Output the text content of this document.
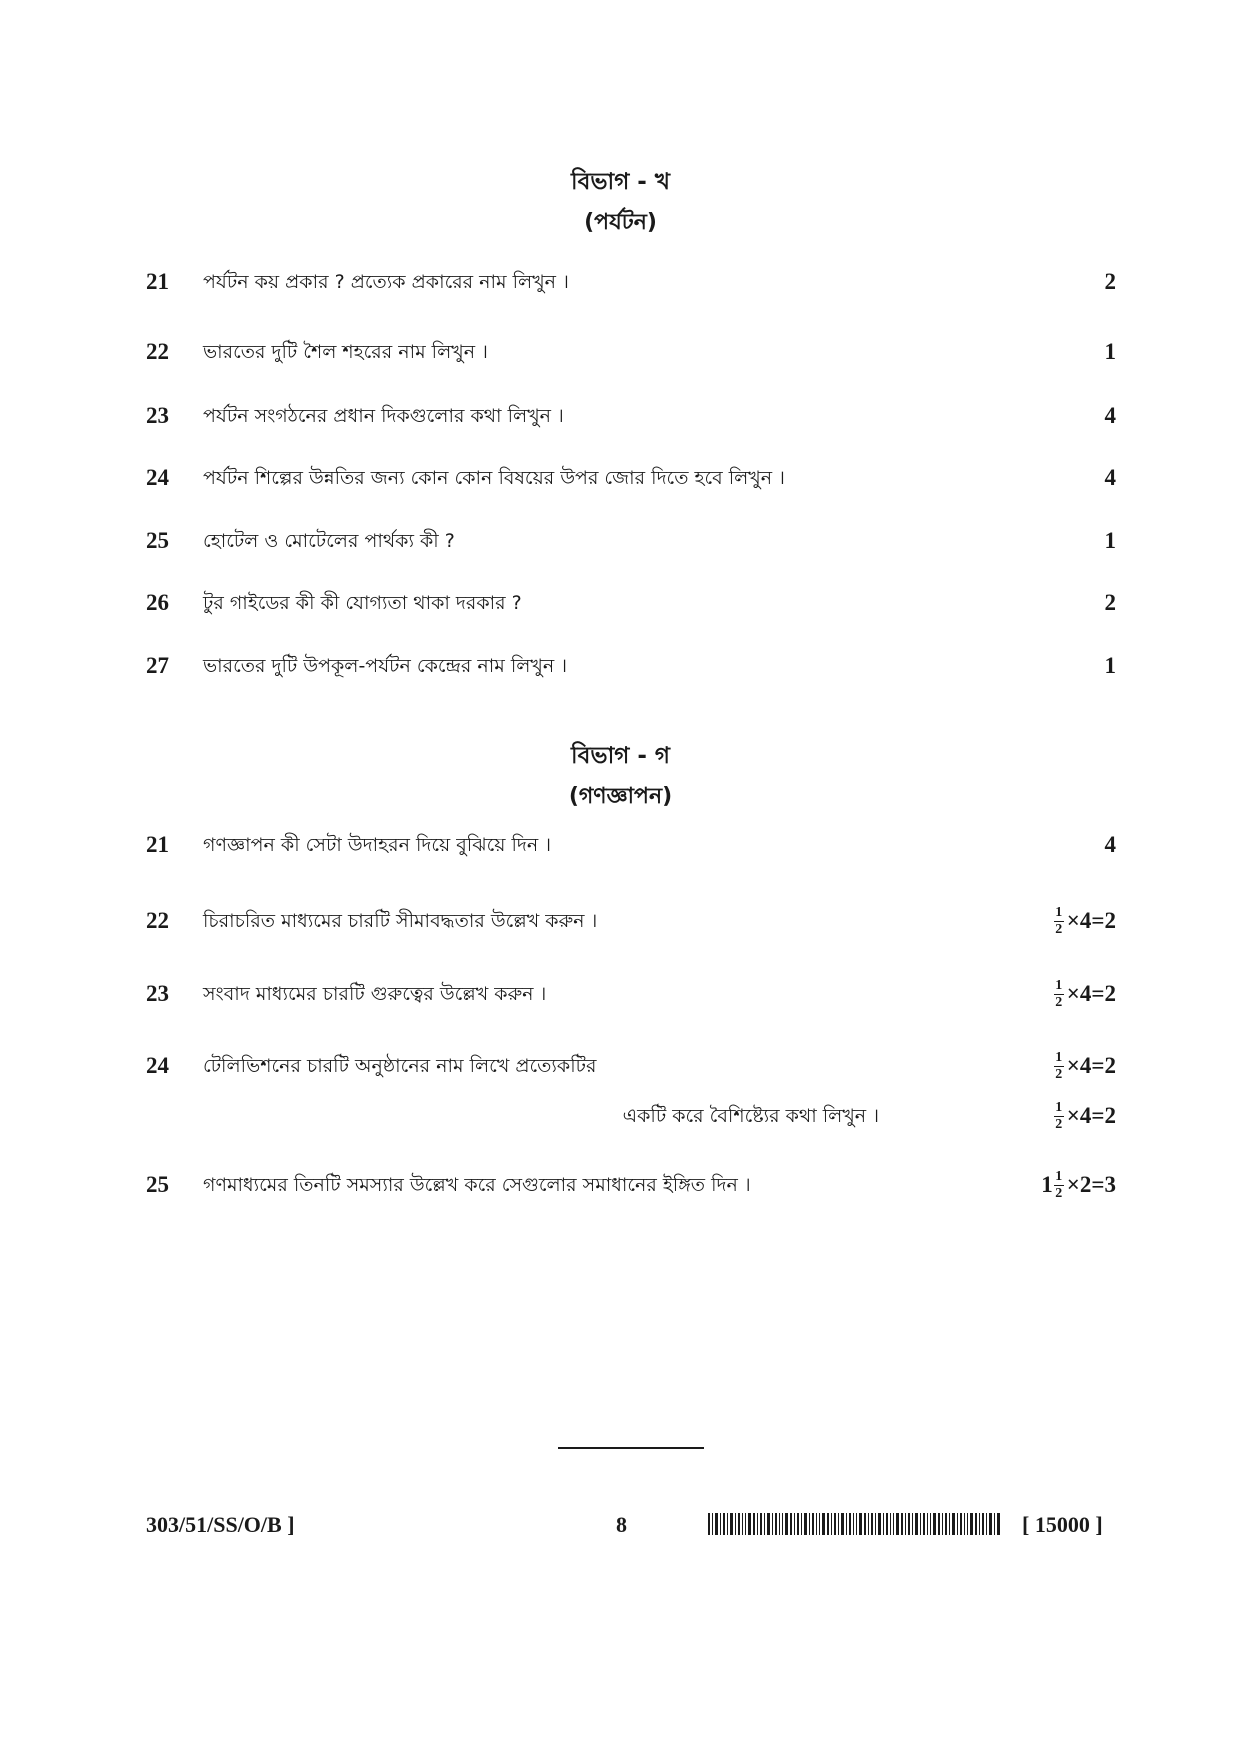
বিভাগ - খ
(পর্যটন)
21	পর্যটন কয় প্রকার ? প্রত্যেক প্রকারের নাম লিখুন ।	2
22	ভারতের দুটি শৈল শহরের নাম লিখুন ।	1
23	পর্যটন সংগঠনের প্রধান দিকগুলোর কথা লিখুন ।	4
24	পর্যটন শিল্পের উন্নতির জন্য কোন কোন বিষয়ের উপর জোর দিতে হবে লিখুন ।	4
25	হোটেল ও মোটেলের পার্থক্য কী ?	1
26	টুর গাইডের কী কী যোগ্যতা থাকা দরকার ?	2
27	ভারতের দুটি উপকূল-পর্যটন কেন্দ্রের নাম লিখুন ।	1
বিভাগ - গ
(গণজ্ঞাপন)
21	গণজ্ঞাপন কী সেটা উদাহরন দিয়ে বুঝিয়ে দিন ।	4
22	চিরাচরিত মাধ্যমের চারটি সীমাবদ্ধতার উল্লেখ করুন ।	$\frac{1}{2} \times 4=2$
23	সংবাদ মাধ্যমের চারটি গুরুত্বের উল্লেখ করুন ।	$\frac{1}{2} \times 4=2$
24	টেলিভিশনের চারটি অনুষ্ঠানের নাম লিখে প্রত্যেকটির	$\frac{1}{2} \times 4=2$
একটি করে বৈশিষ্ট্যের কথা লিখুন ।	$\frac{1}{2} \times 4=2$
25	গণমাধ্যমের তিনটি সমস্যার উল্লেখ করে সেগুলোর সমাধানের ইঙ্গিত দিন ।	$1 \frac{1}{2} \times 2=3$
303/51/SS/O/B ]	8	[ 15000 ]
